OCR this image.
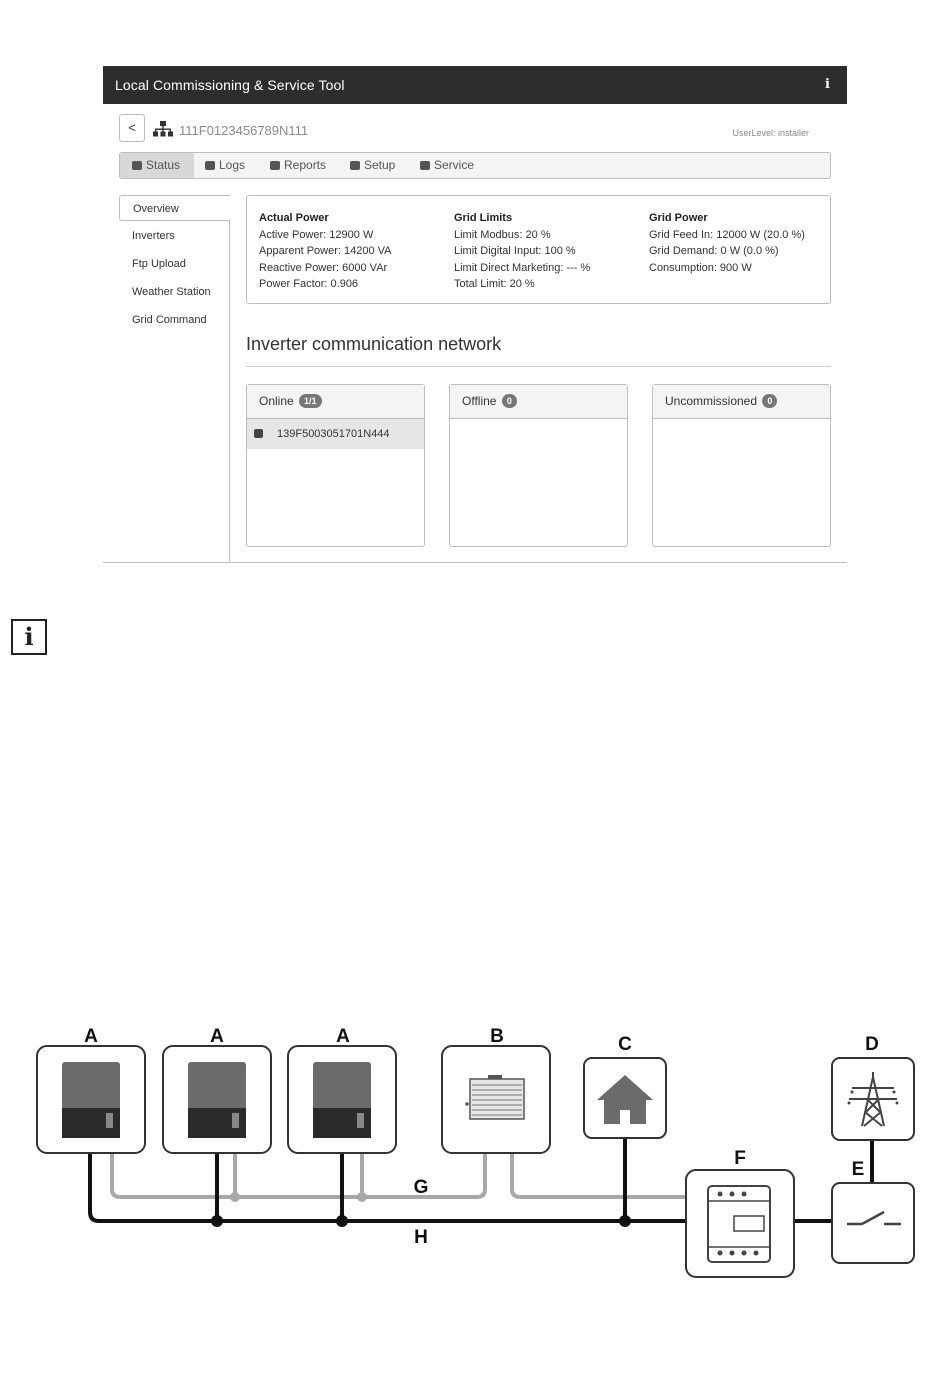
Local Commissioning & Service Tool	i
<	111F0123456789N111	UserLevel: installer
Status	Logs	Reports	Setup	Service
Overview
Inverters
Ftp Upload
Weather Station
Grid Command
Actual Power
Active Power: 12900 W
Apparent Power: 14200 VA
Reactive Power: 6000 VAr
Power Factor: 0.906
Grid Limits
Limit Modbus: 20 %
Limit Digital Input: 100 %
Limit Direct Marketing: --- %
Total Limit: 20 %
Grid Power
Grid Feed In: 12000 W (20.0 %)
Grid Demand: 0 W (0.0 %)
Consumption: 900 W
Inverter communication network
Online 1/1
139F5003051701N444
Offline 0	Uncommissioned 0
i
A	A	A	B	C	D
E
F
G
H
